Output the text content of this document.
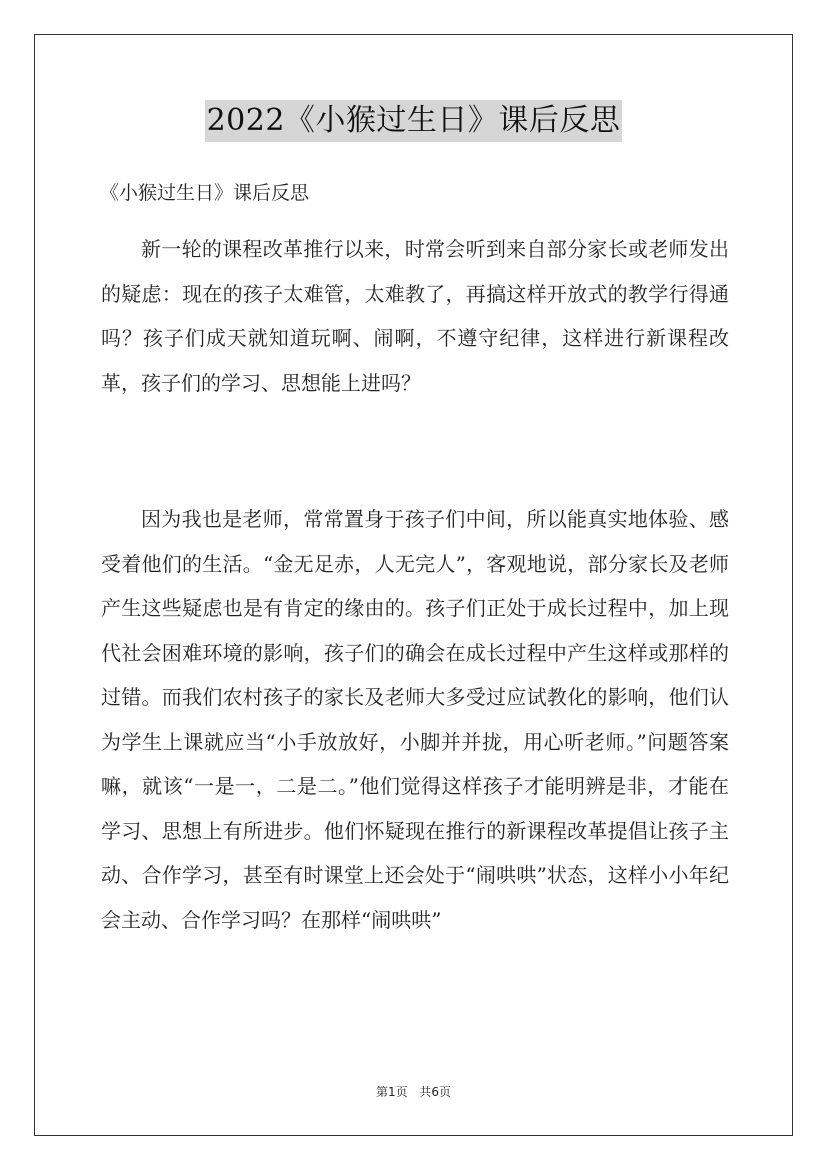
2022《小猴过生日》课后反思
《小猴过生日》课后反思

新一轮的课程改革推行以来，时常会听到来自部分家长或老师发出的疑虑：现在的孩子太难管，太难教了，再搞这样开放式的教学行得通吗？孩子们成天就知道玩啊、闹啊，不遵守纪律，这样进行新课程改革，孩子们的学习、思想能上进吗？

因为我也是老师，常常置身于孩子们中间，所以能真实地体验、感受着他们的生活。“金无足赤，人无完人”，客观地说，部分家长及老师产生这些疑虑也是有肯定的缘由的。孩子们正处于成长过程中，加上现代社会困难环境的影响，孩子们的确会在成长过程中产生这样或那样的过错。而我们农村孩子的家长及老师大多受过应试教化的影响，他们认为学生上课就应当“小手放放好，小脚并并拢，用心听老师。”问题答案嘛，就该“一是一，二是二。”他们觉得这样孩子才能明辨是非，才能在学习、思想上有所进步。他们怀疑现在推行的新课程改革提倡让孩子主动、合作学习，甚至有时课堂上还会处于“闹哄哄”状态，这样小小年纪会主动、合作学习吗？在那样“闹哄哄”

第1页 共6页
